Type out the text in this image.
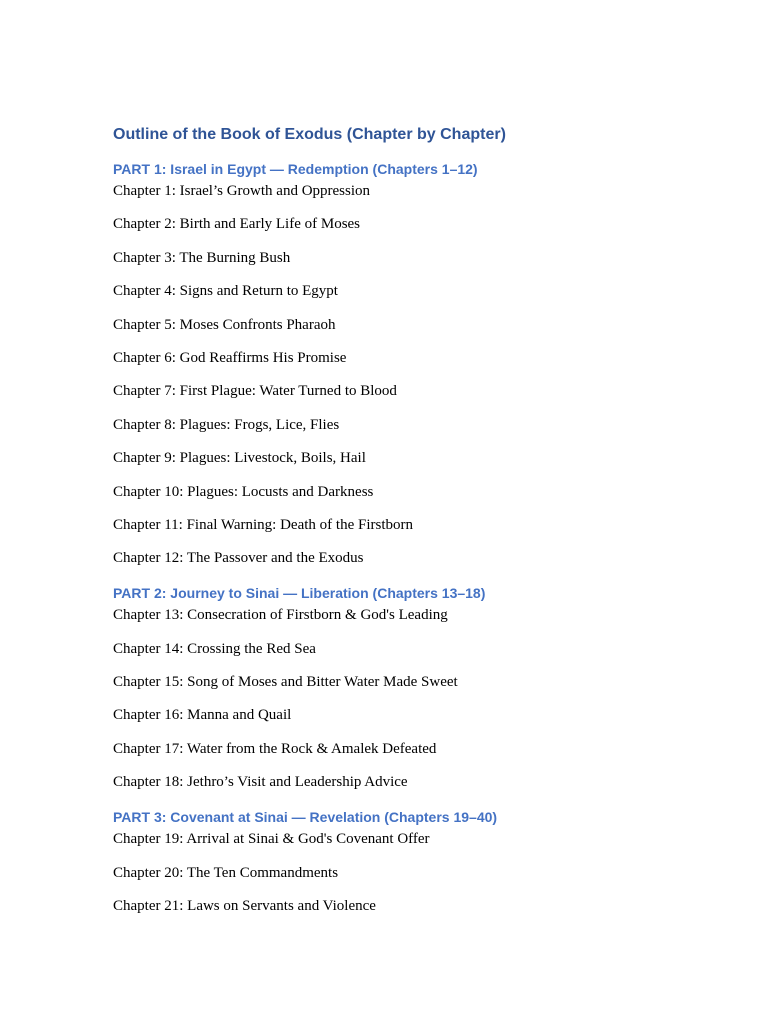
Outline of the Book of Exodus (Chapter by Chapter)
PART 1: Israel in Egypt — Redemption (Chapters 1–12)
Chapter 1: Israel’s Growth and Oppression
Chapter 2: Birth and Early Life of Moses
Chapter 3: The Burning Bush
Chapter 4: Signs and Return to Egypt
Chapter 5: Moses Confronts Pharaoh
Chapter 6: God Reaffirms His Promise
Chapter 7: First Plague: Water Turned to Blood
Chapter 8: Plagues: Frogs, Lice, Flies
Chapter 9: Plagues: Livestock, Boils, Hail
Chapter 10: Plagues: Locusts and Darkness
Chapter 11: Final Warning: Death of the Firstborn
Chapter 12: The Passover and the Exodus
PART 2: Journey to Sinai — Liberation (Chapters 13–18)
Chapter 13: Consecration of Firstborn & God's Leading
Chapter 14: Crossing the Red Sea
Chapter 15: Song of Moses and Bitter Water Made Sweet
Chapter 16: Manna and Quail
Chapter 17: Water from the Rock & Amalek Defeated
Chapter 18: Jethro’s Visit and Leadership Advice
PART 3: Covenant at Sinai — Revelation (Chapters 19–40)
Chapter 19: Arrival at Sinai & God's Covenant Offer
Chapter 20: The Ten Commandments
Chapter 21: Laws on Servants and Violence
